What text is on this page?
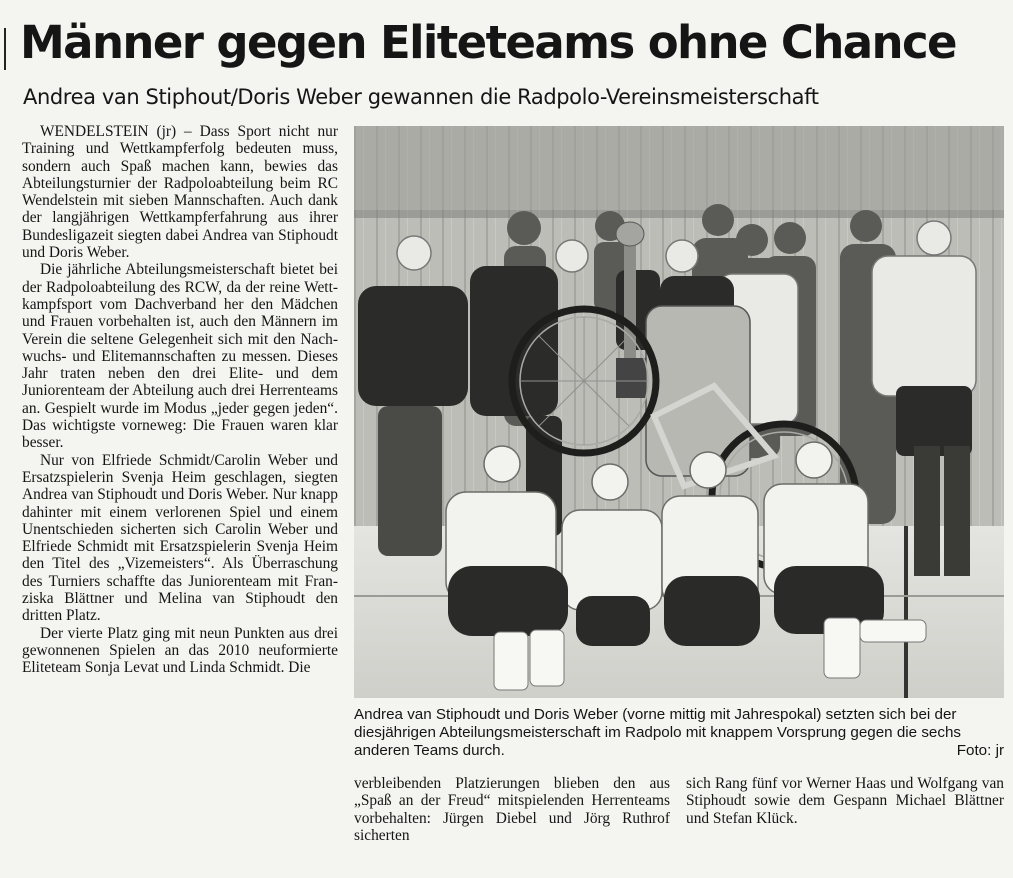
Männer gegen Eliteteams ohne Chance
Andrea van Stiphout/Doris Weber gewannen die Radpolo-Vereinsmeisterschaft

WENDELSTEIN (jr) – Dass Sport nicht nur Training und Wettkampferfolg bedeuten muss, sondern auch Spaß machen kann, bewies das Abteilungsturnier der Radpoloabteilung beim RC Wendelstein mit sieben Mannschaften. Auch dank der langjährigen Wettkampferfahrung aus ihrer Bundesligazeit siegten dabei Andrea van Stiphoudt und Doris Weber.

Die jährliche Abteilungsmeisterschaft bietet bei der Radpoloabteilung des RCW, da der reine Wettkampfsport vom Dachverband her den Mädchen und Frauen vorbehalten ist, auch den Männern im Verein die seltene Gelegenheit sich mit den Nachwuchs- und Elitemannschaften zu messen. Dieses Jahr traten neben den drei Elite- und dem Juniorenteam der Abteilung auch drei Herrenteams an. Gespielt wurde im Modus „jeder gegen jeden“. Das wichtigste vorneweg: Die Frauen waren klar besser.

Nur von Elfriede Schmidt/Carolin Weber und Ersatzspielerin Svenja Heim geschlagen, siegten Andrea van Stiphoudt und Doris Weber. Nur knapp dahinter mit einem verlorenen Spiel und einem Unentschieden sicherten sich Carolin Weber und Elfriede Schmidt mit Ersatzspielerin Svenja Heim den Titel des „Vizemeisters“. Als Überraschung des Turniers schaffte das Juniorenteam mit Franziska Blättner und Melina van Stiphoudt den dritten Platz.

Der vierte Platz ging mit neun Punkten aus drei gewonnenen Spielen an das 2010 neuformierte Eliteteam Sonja Levat und Linda Schmidt. Die

Andrea van Stiphoudt und Doris Weber (vorne mittig mit Jahrespokal) setzten sich bei der diesjährigen Abteilungsmeisterschaft im Radpolo mit knappem Vorsprung gegen die sechs anderen Teams durch.	Foto: jr

verbleibenden Platzierungen blieben den aus „Spaß an der Freud“ mitspielenden Herrenteams vorbehalten: Jürgen Diebel und Jörg Ruthrof sicherten

sich Rang fünf vor Werner Haas und Wolfgang van Stiphoudt sowie dem Gespann Michael Blättner und Stefan Klück.
